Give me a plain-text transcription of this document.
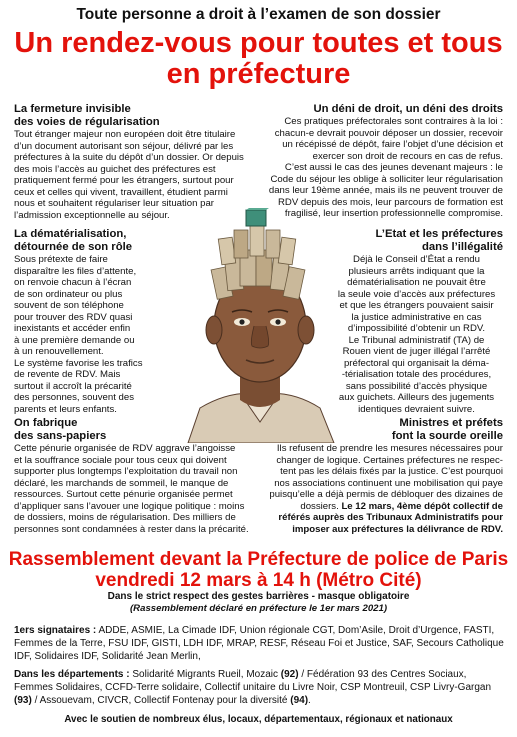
Toute personne a droit à l’examen de son dossier
Un rendez-vous pour toutes et tous
en préfecture
La fermeture invisible
des voies de régularisation
Tout étranger majeur non européen doit être titulaire
d’un document autorisant son séjour, délivré par les
préfectures à la suite du dépôt d’un dossier. Or depuis
des mois l’accès au guichet des préfectures est
pratiquement fermé pour les étrangers, surtout pour
ceux et celles qui vivent, travaillent, étudient parmi
nous et souhaitent régulariser leur situation par
l’admission exceptionnelle au séjour.
Un déni de droit, un déni des droits
Ces pratiques préfectorales sont contraires à la loi :
chacun-e devrait pouvoir déposer un dossier, recevoir
un récépissé de dépôt, faire l’objet d’une décision et
exercer son droit de recours en cas de refus.
C’est aussi le cas des jeunes devenant majeurs : le
Code du séjour les oblige à solliciter leur régularisation
dans leur 19ème année, mais ils ne peuvent trouver de
RDV depuis des mois, leur parcours de formation est
fragilisé, leur insertion professionnelle compromise.
La dématérialisation,
détournée de son rôle
Sous prétexte de faire
disparaître les files d’attente,
on renvoie chacun à l’écran
de son ordinateur ou plus
souvent de son téléphone
pour trouver des RDV quasi
inexistants et accéder enfin
à une première demande ou
à un renouvellement.
Le système favorise les trafics
de revente de RDV. Mais
surtout il accroît la précarité
des personnes, souvent des
parents et leurs enfants.
L’Etat et les préfectures
dans l’illégalité
Déjà le Conseil d’État a rendu
plusieurs arrêts indiquant que la
dématérialisation ne pouvait être
la seule voie d’accès aux préfectures
et que les étrangers pouvaient saisir
la justice administrative en cas
d’impossibilité d’obtenir un RDV.
Le Tribunal administratif (TA) de
Rouen vient de juger illégal l’arrêté
préfectoral qui organisait la déma-
-térialisation totale des procédures,
sans possibilité d’accès physique
aux guichets. Ailleurs des jugements
identiques devraient suivre.
On fabrique
des sans-papiers
Cette pénurie organisée de RDV aggrave l’angoisse
et la souffrance sociale pour tous ceux qui doivent
supporter plus longtemps l’exploitation du travail non
déclaré, les marchands de sommeil, le manque de
ressources. Surtout cette pénurie organisée permet
d’appliquer sans l’avouer une logique politique : moins
de dossiers, moins de régularisation. Des milliers de
personnes sont condamnées à rester dans la précarité.
Ministres et préfets
font la sourde oreille
Ils refusent de prendre les mesures nécessaires pour
changer de logique. Certaines préfectures ne respec-
tent pas les délais fixés par la justice. C’est pourquoi
nos associations continuent une mobilisation qui paye
puisqu’elle a déjà permis de débloquer des dizaines de
dossiers. Le 12 mars, 4ème dépôt collectif de
référés auprès des Tribunaux Administratifs pour
imposer aux préfectures la délivrance de RDV.
Rassemblement devant la Préfecture de police de Paris
vendredi 12 mars à 14 h (Métro Cité)
Dans le strict respect des gestes barrières - masque obligatoire
(Rassemblement déclaré en préfecture le 1er mars 2021)
1ers signataires : ADDE, ASMIE, La Cimade IDF, Union régionale CGT, Dom’Asile, Droit d’Urgence, FASTI, Femmes de la Terre, FSU IDF, GISTI, LDH IDF, MRAP, RESF, Réseau Foi et Justice, SAF, Secours Catholique IDF, Solidaires IDF, Solidarité Jean Merlin,
Dans les départements : Solidarité Migrants Rueil, Mozaic (92) / Fédération 93 des Centres Sociaux, Femmes Solidaires, CCFD-Terre solidaire, Collectif unitaire du Livre Noir, CSP Montreuil, CSP Livry-Gargan (93) / Assouevam, CIVCR, Collectif Fontenay pour la diversité (94).
Avec le soutien de nombreux élus, locaux, départementaux, régionaux et nationaux
